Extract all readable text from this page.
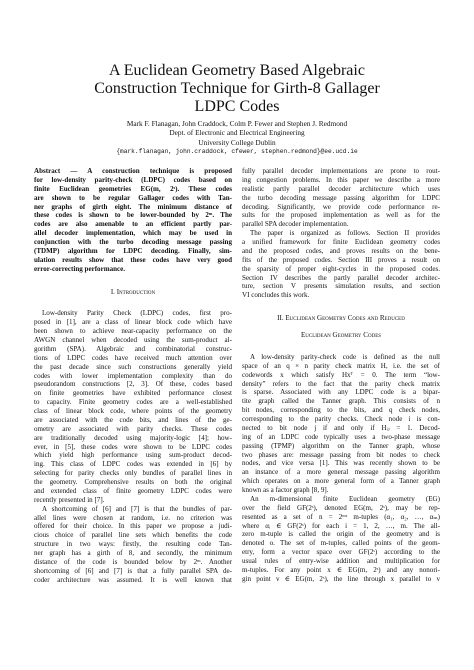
A Euclidean Geometry Based Algebraic
Construction Technique for Girth-8 Gallager
LDPC Codes
Mark F. Flanagan, John Craddock, Colm P. Fewer and Stephen J. Redmond
Dept. of Electronic and Electrical Engineering
University College Dublin
{mark.flanagan, john.craddock, cfewer, stephen.redmond}@ee.ucd.ie
Abstract — A construction technique is proposed
for low-density parity-check (LDPC) codes based on
finite Euclidean geometries EG(m, 2ˢ). These codes
are shown to be regular Gallager codes with Tan-
ner graphs of girth eight. The minimum distance of
these codes is shown to be lower-bounded by 2ᵐ. The
codes are also amenable to an efficient partly par-
allel decoder implementation, which may be used in
conjunction with the turbo decoding message passing
(TDMP) algorithm for LDPC decoding. Finally, sim-
ulation results show that these codes have very good
error-correcting performance.
I. Introduction
Low-density Parity Check (LDPC) codes, first pro-
posed in [1], are a class of linear block code which have
been shown to achieve near-capacity performance on the
AWGN channel when decoded using the sum-product al-
gorithm (SPA). Algebraic and combinatorial construc-
tions of LDPC codes have received much attention over
the past decade since such constructions generally yield
codes with lower implementation complexity than do
pseudorandom constructions [2, 3]. Of these, codes based
on finite geometries have exhibited performance closest
to capacity. Finite geometry codes are a well-established
class of linear block code, where points of the geometry
are associated with the code bits, and lines of the ge-
ometry are associated with parity checks. These codes
are traditionally decoded using majority-logic [4]; how-
ever, in [5], these codes were shown to be LDPC codes
which yield high performance using sum-product decod-
ing. This class of LDPC codes was extended in [6] by
selecting for parity checks only bundles of parallel lines in
the geometry. Comprehensive results on both the original
and extended class of finite geometry LDPC codes were
recently presented in [7].
A shortcoming of [6] and [7] is that the bundles of par-
allel lines were chosen at random, i.e. no criterion was
offered for their choice. In this paper we propose a judi-
cious choice of parallel line sets which benefits the code
structure in two ways: firstly, the resulting code Tan-
ner graph has a girth of 8, and secondly, the minimum
distance of the code is bounded below by 2ᵐ. Another
shortcoming of [6] and [7] is that a fully parallel SPA de-
coder architecture was assumed. It is well known that
fully parallel decoder implementations are prone to rout-
ing congestion problems. In this paper we describe a more
realistic partly parallel decoder architecture which uses
the turbo decoding message passing algorithm for LDPC
decoding. Significantly, we provide code performance re-
sults for the proposed implementation as well as for the
parallel SPA decoder implementation.
The paper is organized as follows. Section II provides
a unified framework for finite Euclidean geometry codes
and the proposed codes, and proves results on the bene-
fits of the proposed codes. Section III proves a result on
the sparsity of proper eight-cycles in the proposed codes.
Section IV describes the partly parallel decoder architec-
ture, section V presents simulation results, and section
VI concludes this work.
II. Euclidean Geometry Codes and Reduced
Euclidean Geometry Codes
A low-density parity-check code is defined as the null
space of an q × n parity check matrix H, i.e. the set of
codewords x which satisfy Hxᵀ = 0. The term “low-
density” refers to the fact that the parity check matrix
is sparse. Associated with any LDPC code is a bipar-
tite graph called the Tanner graph. This consists of n
bit nodes, corresponding to the bits, and q check nodes,
corresponding to the parity checks. Check node i is con-
nected to bit node j if and only if Hᵢⱼ = 1. Decod-
ing of an LDPC code typically uses a two-phase message
passing (TPMP) algorithm on the Tanner graph, whose
two phases are: message passing from bit nodes to check
nodes, and vice versa [1]. This was recently shown to be
an instance of a more general message passing algorithm
which operates on a more general form of a Tanner graph
known as a factor graph [8, 9].
An m-dimensional finite Euclidean geometry (EG)
over the field GF(2ˢ), denoted EG(m, 2ˢ), may be rep-
resented as a set of n = 2ᵐˢ m-tuples (α₁, α₂, …, αₘ)
where αᵢ ∈ GF(2ˢ) for each i = 1, 2, …, m. The all-
zero m-tuple is called the origin of the geometry and is
denoted o. The set of m-tuples, called points of the geom-
etry, form a vector space over GF(2ˢ) according to the
usual rules of entry-wise addition and multiplication for
m-tuples. For any point x ∈ EG(m, 2ˢ) and any nonori-
gin point v ∈ EG(m, 2ˢ), the line through x parallel to v
